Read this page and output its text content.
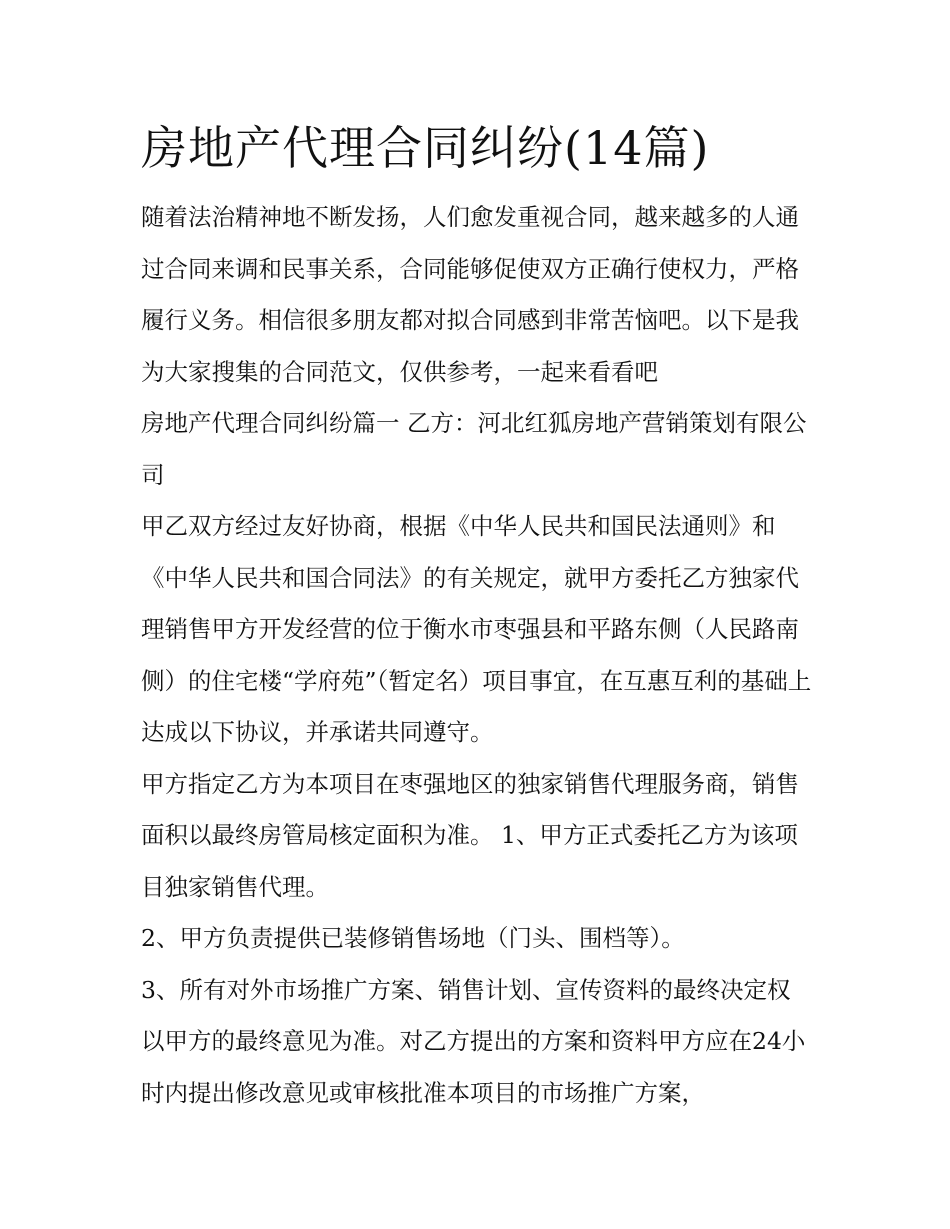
房地产代理合同纠纷(14篇)

随着法治精神地不断发扬，人们愈发重视合同，越来越多的人通过合同来调和民事关系，合同能够促使双方正确行使权力，严格履行义务。相信很多朋友都对拟合同感到非常苦恼吧。以下是我为大家搜集的合同范文，仅供参考，一起来看看吧

房地产代理合同纠纷篇一 乙方：河北红狐房地产营销策划有限公司

甲乙双方经过友好协商，根据《中华人民共和国民法通则》和《中华人民共和国合同法》的有关规定，就甲方委托乙方独家代理销售甲方开发经营的位于衡水市枣强县和平路东侧（人民路南侧）的住宅楼“学府苑”（暂定名）项目事宜，在互惠互利的基础上达成以下协议，并承诺共同遵守。

甲方指定乙方为本项目在枣强地区的独家销售代理服务商，销售面积以最终房管局核定面积为准。 1、甲方正式委托乙方为该项目独家销售代理。

2、甲方负责提供已装修销售场地（门头、围档等）。

3、所有对外市场推广方案、销售计划、宣传资料的最终决定权以甲方的最终意见为准。对乙方提出的方案和资料甲方应在24小时内提出修改意见或审核批准本项目的市场推广方案，
